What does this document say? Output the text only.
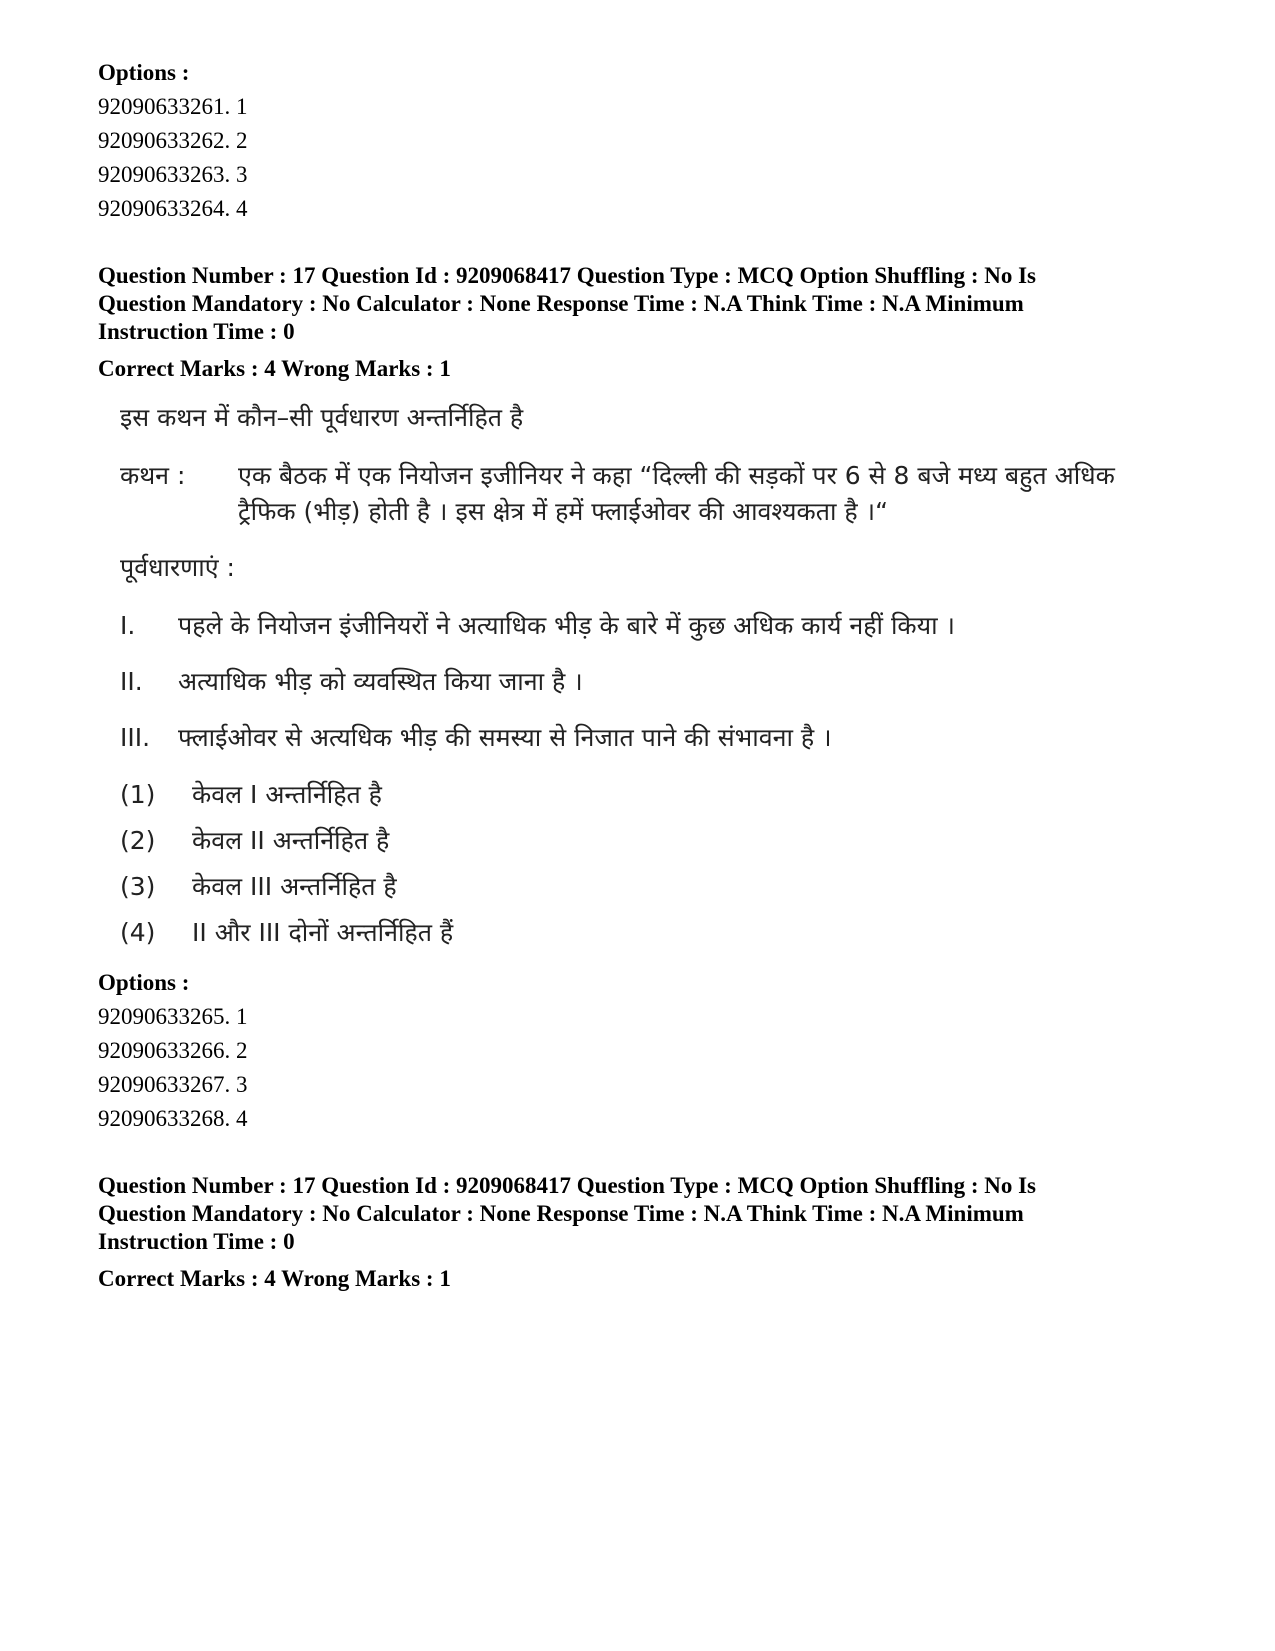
Options :

92090633261. 1

92090633262. 2

92090633263. 3

92090633264. 4

Question Number : 17 Question Id : 9209068417 Question Type : MCQ Option Shuffling : No Is

Question Mandatory : No Calculator : None Response Time : N.A Think Time : N.A Minimum

Instruction Time : 0

Correct Marks : 4 Wrong Marks : 1

इस कथन में कौन–सी पूर्वधारण अन्तर्निहित है

कथन :	एक बैठक में एक नियोजन इजीनियर ने कहा “दिल्ली की सड़कों पर 6 से 8 बजे मध्य बहुत अधिक ट्रैफिक (भीड़) होती है । इस क्षेत्र में हमें फ्लाईओवर की आवश्यकता है ।“

पूर्वधारणाएं :

I.	पहले के नियोजन इंजीनियरों ने अत्याधिक भीड़ के बारे में कुछ अधिक कार्य नहीं किया ।
II.	अत्याधिक भीड़ को व्यवस्थित किया जाना है ।
III.	फ्लाईओवर से अत्यधिक भीड़ की समस्या से निजात पाने की संभावना है ।
(1)	केवल I अन्तर्निहित है
(2)	केवल II अन्तर्निहित है
(3)	केवल III अन्तर्निहित है
(4)	II और III दोनों अन्तर्निहित हैं

Options :

92090633265. 1

92090633266. 2

92090633267. 3

92090633268. 4

Question Number : 17 Question Id : 9209068417 Question Type : MCQ Option Shuffling : No Is

Question Mandatory : No Calculator : None Response Time : N.A Think Time : N.A Minimum

Instruction Time : 0

Correct Marks : 4 Wrong Marks : 1
